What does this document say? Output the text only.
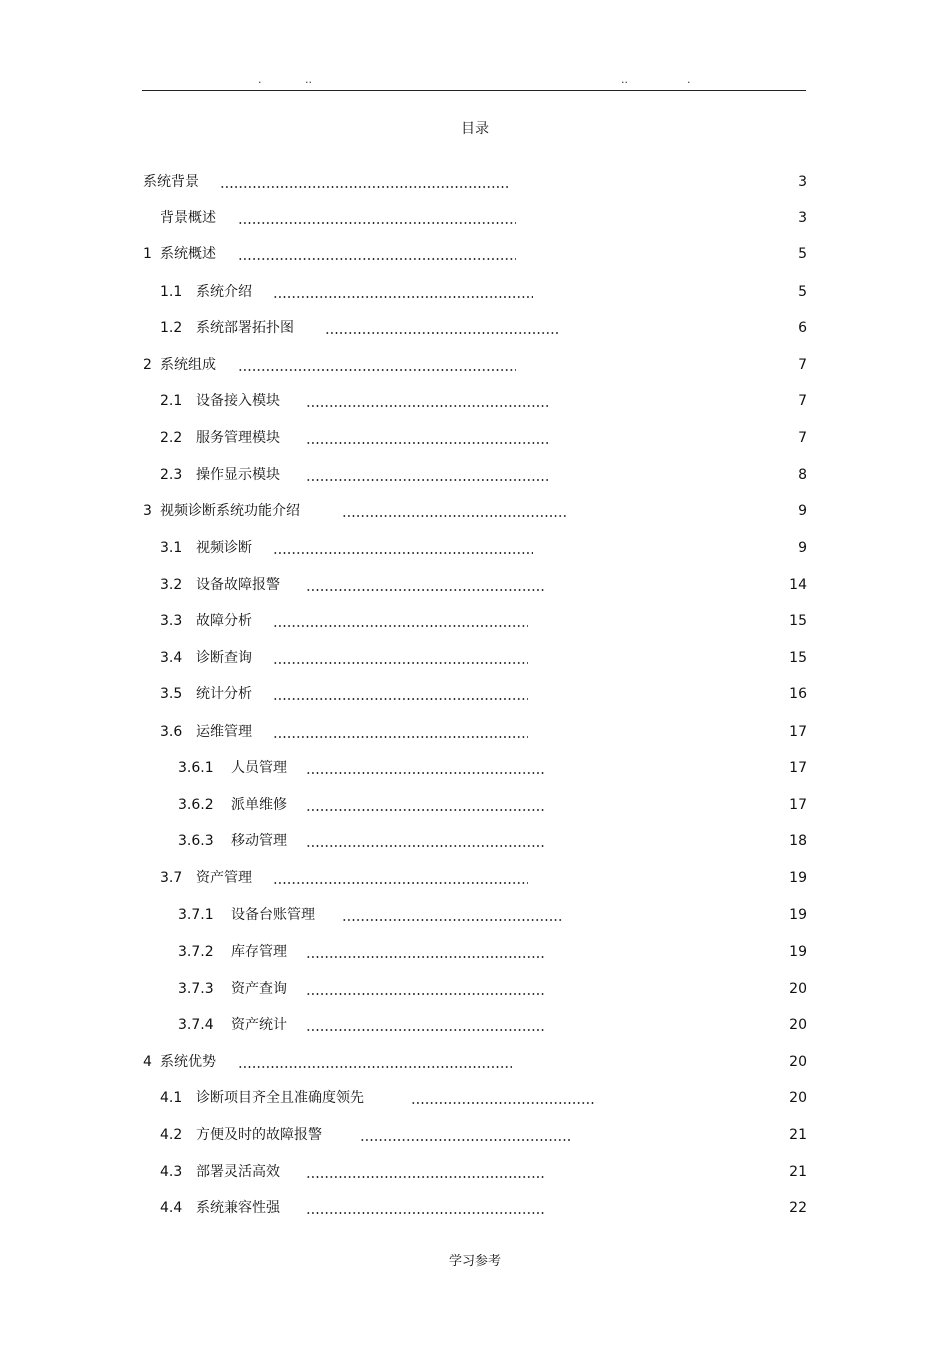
.	..	..	.
目录
系统背景	3
背景概述	3
1 系统概述	5
1.1 系统介绍	5
1.2 系统部署拓扑图	6
2 系统组成	7
2.1 设备接入模块	7
2.2 服务管理模块	7
2.3 操作显示模块	8
3 视频诊断系统功能介绍	9
3.1 视频诊断	9
3.2 设备故障报警	14
3.3 故障分析	15
3.4 诊断查询	15
3.5 统计分析	16
3.6 运维管理	17
3.6.1 人员管理	17
3.6.2 派单维修	17
3.6.3 移动管理	18
3.7 资产管理	19
3.7.1 设备台账管理	19
3.7.2 库存管理	19
3.7.3 资产查询	20
3.7.4 资产统计	20
4 系统优势	20
4.1 诊断项目齐全且准确度领先	20
4.2 方便及时的故障报警	21
4.3 部署灵活高效	21
4.4 系统兼容性强	22
学习参考
